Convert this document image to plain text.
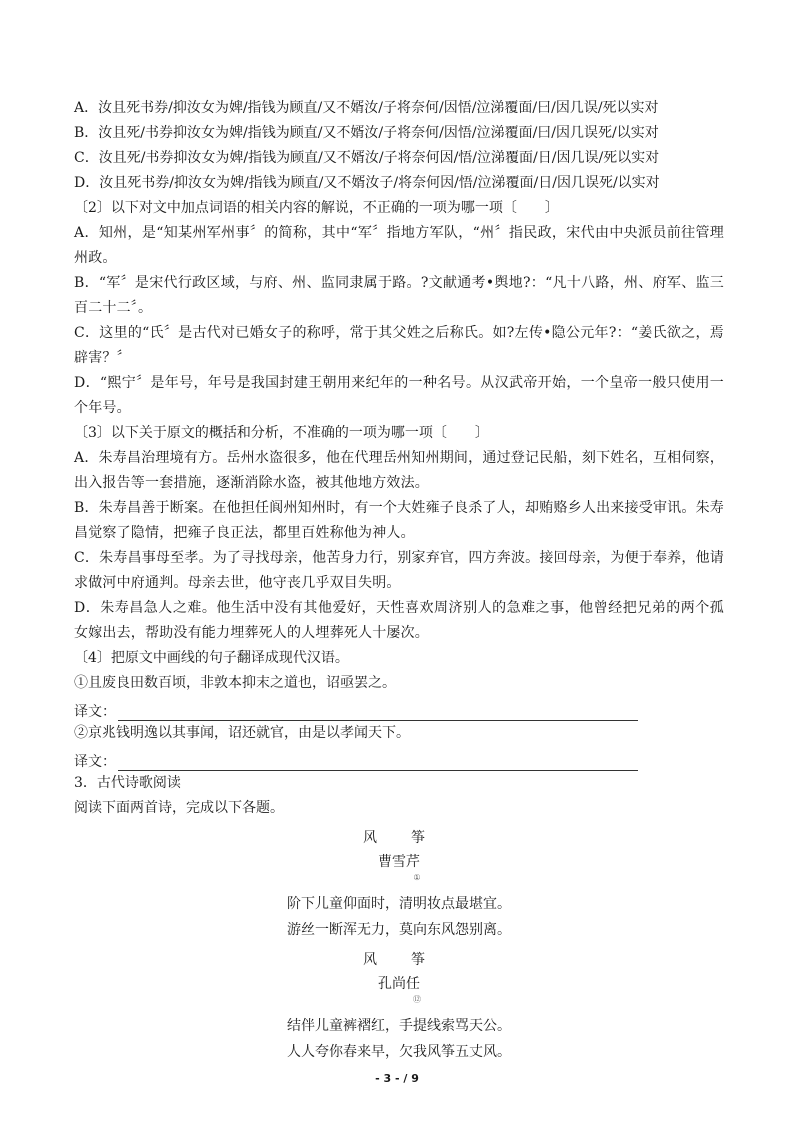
A．汝且死书券/抑汝女为婢/指钱为顾直/又不婿汝/子将奈何/因悟/泣涕覆面/曰/因几误/死以实对
B．汝且死/书券抑汝女为婢/指钱为顾直/又不婿汝/子将奈何/因悟/泣涕覆面/曰/因几误死/以实对
C．汝且死/书券抑汝女为婢/指钱为顾直/又不婿汝/子将奈何因/悟/泣涕覆面/日/因几误/死以实对
D．汝且死书券/抑汝女为婢/指钱为顾直/又不婿汝子/将奈何因/悟/泣涕覆面/日/因几误死/以实对
〔2〕以下对文中加点词语的相关内容的解说，不正确的一项为哪一项〔　　〕
A．知州，是“知某州军州事〞的简称，其中“军〞指地方军队，“州〞指民政，宋代由中央派员前往管理州政。
B．“军〞是宋代行政区域，与府、州、监同隶属于路。?文献通考•舆地?：“凡十八路，州、府军、监三百二十二〞。
C．这里的“氏〞是古代对已婚女子的称呼，常于其父姓之后称氏。如?左传•隐公元年?：“姜氏欲之，焉辟害？〞
D．“熙宁〞是年号，年号是我国封建王朝用来纪年的一种名号。从汉武帝开始，一个皇帝一般只使用一个年号。
〔3〕以下关于原文的概括和分析，不准确的一项为哪一项〔　　〕
A．朱寿昌治理境有方。岳州水盗很多，他在代理岳州知州期间，通过登记民船，刻下姓名，互相伺察，出入报告等一套措施，逐渐消除水盗，被其他地方效法。
B．朱寿昌善于断案。在他担任阆州知州时，有一个大姓雍子良杀了人，却贿赂乡人出来接受审讯。朱寿昌觉察了隐情，把雍子良正法，都里百姓称他为神人。
C．朱寿昌事母至孝。为了寻找母亲，他苦身力行，别家弃官，四方奔波。接回母亲，为便于奉养，他请求做河中府通判。母亲去世，他守丧几乎双目失明。
D．朱寿昌急人之难。他生活中没有其他爱好，天性喜欢周济别人的急难之事，他曾经把兄弟的两个孤女嫁出去，帮助没有能力埋葬死人的人埋葬死人十屡次。
〔4〕把原文中画线的句子翻译成现代汉语。
①且废良田数百顷，非敦本抑末之道也，诏亟罢之。
译文：
②京兆钱明逸以其事闻，诏还就官，由是以孝闻天下。
译文：
3．古代诗歌阅读
阅读下面两首诗，完成以下各题。
风　筝
曹雪芹
①
阶下儿童仰面时，清明妆点最堪宜。
游丝一断浑无力，莫向东风怨别离。
风　筝
孔尚任
⑫
结伴儿童裤褶红，手提线索骂天公。
人人夸你春来早，欠我风筝五丈风。
- 3 - / 9
